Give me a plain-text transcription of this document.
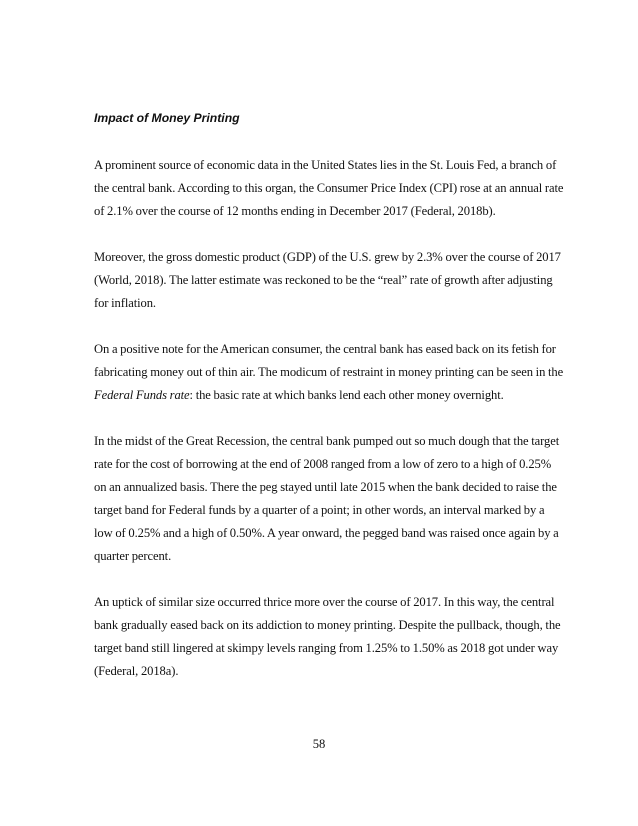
Impact of Money Printing

A prominent source of economic data in the United States lies in the St. Louis Fed, a branch of the central bank. According to this organ, the Consumer Price Index (CPI) rose at an annual rate of 2.1% over the course of 12 months ending in December 2017 (Federal, 2018b).

Moreover, the gross domestic product (GDP) of the U.S. grew by 2.3% over the course of 2017 (World, 2018). The latter estimate was reckoned to be the “real” rate of growth after adjusting for inflation.

On a positive note for the American consumer, the central bank has eased back on its fetish for fabricating money out of thin air. The modicum of restraint in money printing can be seen in the Federal Funds rate: the basic rate at which banks lend each other money overnight.

In the midst of the Great Recession, the central bank pumped out so much dough that the target rate for the cost of borrowing at the end of 2008 ranged from a low of zero to a high of 0.25% on an annualized basis. There the peg stayed until late 2015 when the bank decided to raise the target band for Federal funds by a quarter of a point; in other words, an interval marked by a low of 0.25% and a high of 0.50%. A year onward, the pegged band was raised once again by a quarter percent.

An uptick of similar size occurred thrice more over the course of 2017. In this way, the central bank gradually eased back on its addiction to money printing. Despite the pullback, though, the target band still lingered at skimpy levels ranging from 1.25% to 1.50% as 2018 got under way (Federal, 2018a).

58
